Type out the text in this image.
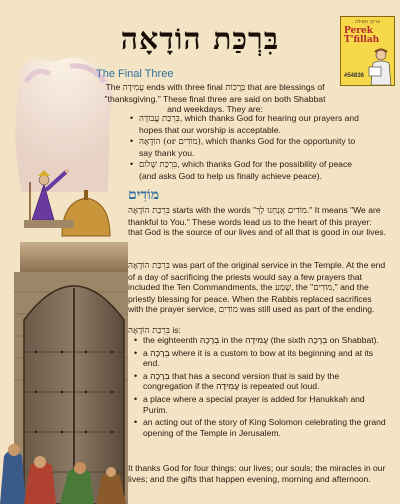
בִּרְכַּת הוֹדָאָה	פרקי תפילה
Perek
T'fillah
#54836
The Final Three
The עֲמִידָה ends with three final בְּרָכוֹת that are blessings of "thanksgiving." These final three are said on both Shabbat and weekdays. They are:
• בִּרְכַּת עֲבוֹדָה, which thanks God for hearing our prayers and hopes that our worship is acceptable.
• הוֹדָאָה (or מוֹדִים), which thanks God for the opportunity to say thank you.
• בִּרְכַּת שָׁלוֹם, which thanks God for the possibility of peace (and asks God to help us finally achieve peace).
מוֹדִים

בִּרְכַּת הוֹדָאָה starts with the words "מוֹדִים אֲנַחְנוּ לָךְ." It means "We are thankful to You." These words lead us to the heart of this prayer: that God is the source of our lives and of all that is good in our lives.

בִּרְכַּת הוֹדָאָה was part of the original service in the Temple. At the end of a day of sacrificing the priests would say a few prayers that included the Ten Commandments, the שְׁמַע, the "מוֹדִים," and the priestly blessing for peace. When the Rabbis replaced sacrifices with the prayer service, מוֹדִים was still used as part of the ending.

בִּרְכַּת הוֹדָאָה is:

• the eighteenth בְּרָכָה in the עֲמִידָה (the sixth בְּרָכָה on Shabbat).
• a בְּרָכָה where it is a custom to bow at its beginning and at its end.
• a בְּרָכָה that has a second version that is said by the congregation if the עֲמִידָה is repeated out loud.
• a place where a special prayer is added for Ḥanukkah and Purim.
• an acting out of the story of King Solomon celebrating the grand opening of the Temple in Jerusalem.

It thanks God for four things: our lives; our souls; the miracles in our lives; and the gifts that happen evening, morning and afternoon.
